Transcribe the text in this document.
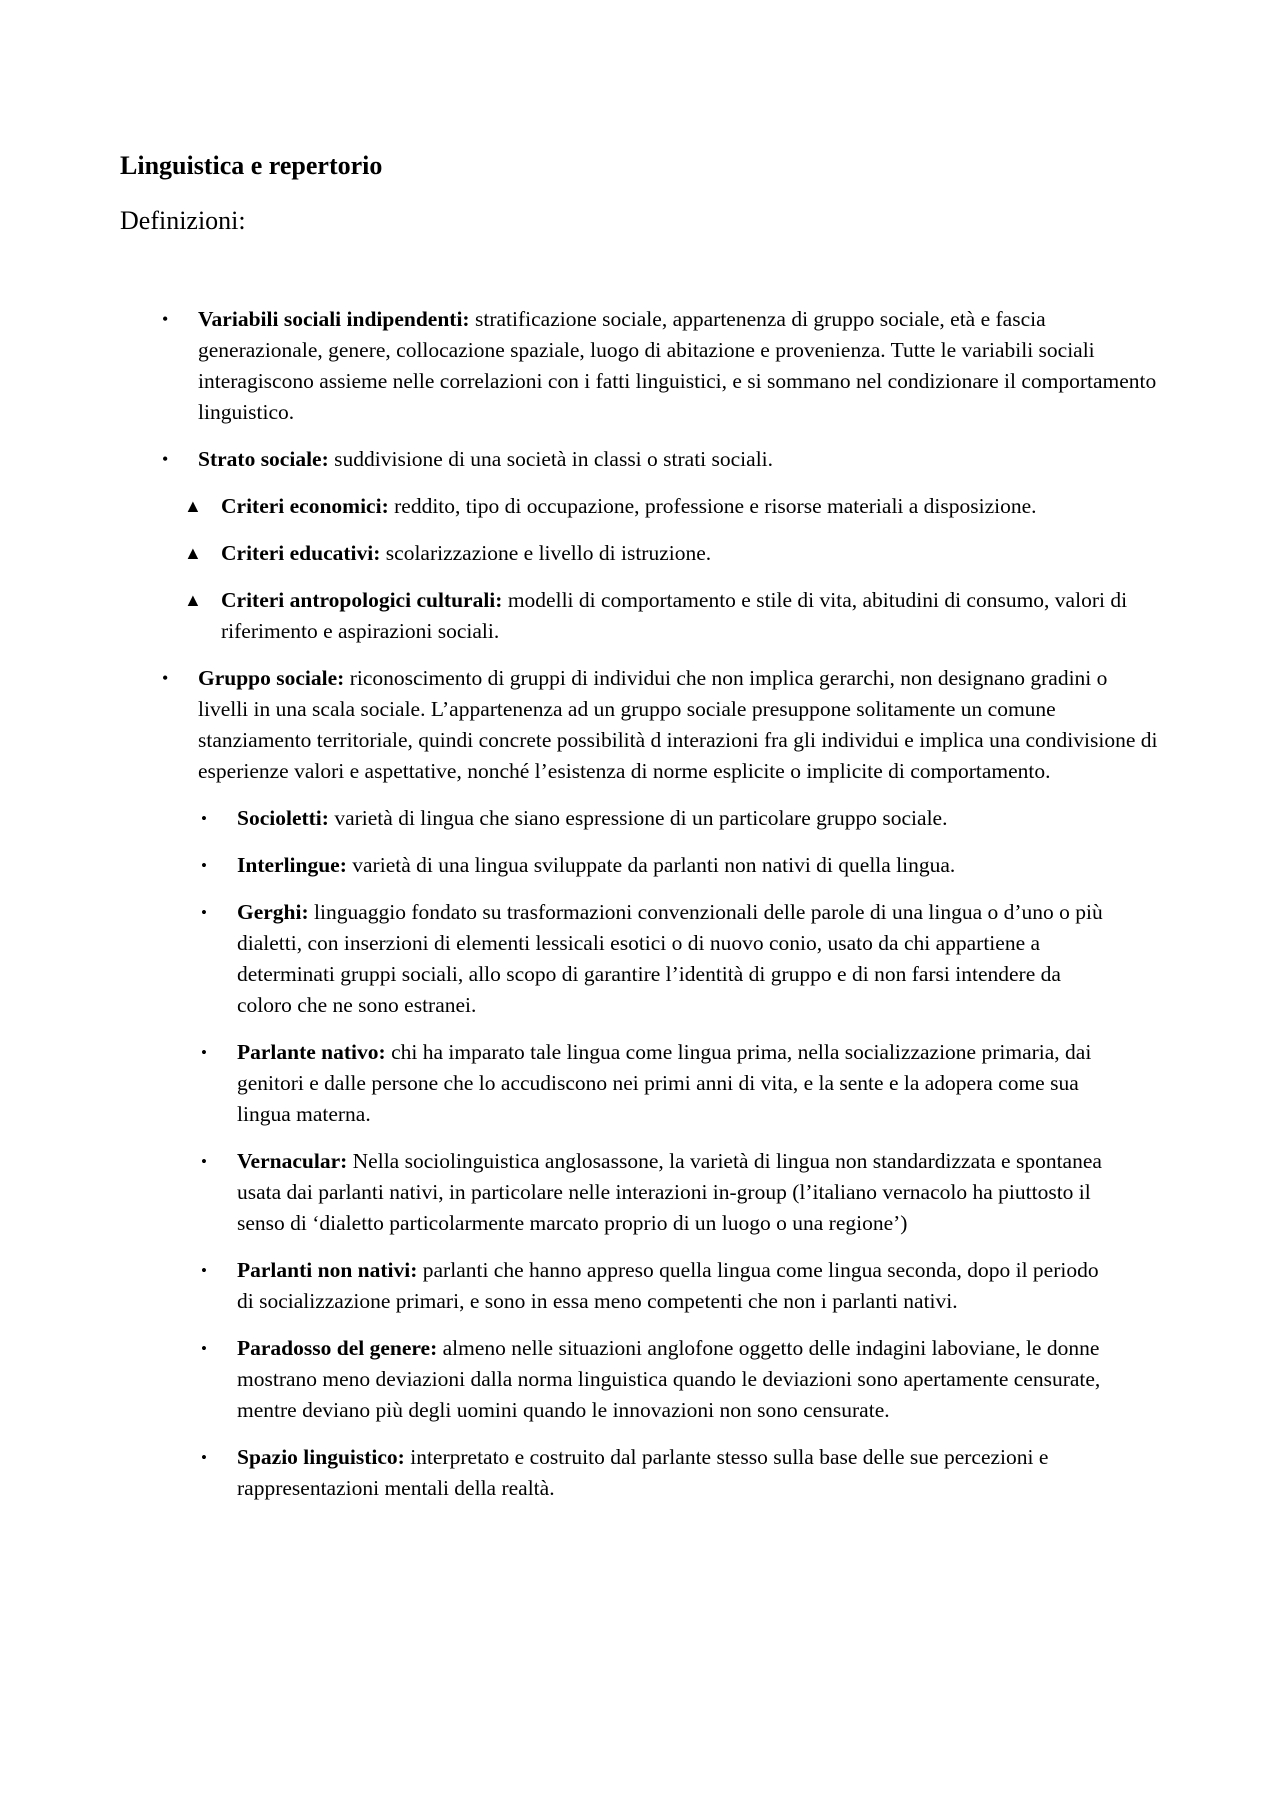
Linguistica e repertorio

Definizioni:

• Variabili sociali indipendenti: stratificazione sociale, appartenenza di gruppo sociale, età e fascia generazionale, genere, collocazione spaziale, luogo di abitazione e provenienza. Tutte le variabili sociali interagiscono assieme nelle correlazioni con i fatti linguistici, e si sommano nel condizionare il comportamento linguistico.
• Strato sociale: suddivisione di una società in classi o strati sociali.
▲ Criteri economici: reddito, tipo di occupazione, professione e risorse materiali a disposizione.
▲ Criteri educativi: scolarizzazione e livello di istruzione.
▲ Criteri antropologici culturali: modelli di comportamento e stile di vita, abitudini di consumo, valori di riferimento e aspirazioni sociali.
• Gruppo sociale: riconoscimento di gruppi di individui che non implica gerarchi, non designano gradini o livelli in una scala sociale. L’appartenenza ad un gruppo sociale presuppone solitamente un comune stanziamento territoriale, quindi concrete possibilità d interazioni fra gli individui e implica una condivisione di esperienze valori e aspettative, nonché l’esistenza di norme esplicite o implicite di comportamento.
• Socioletti: varietà di lingua che siano espressione di un particolare gruppo sociale.
• Interlingue: varietà di una lingua sviluppate da parlanti non nativi di quella lingua.
• Gerghi: linguaggio fondato su trasformazioni convenzionali delle parole di una lingua o d’uno o più dialetti, con inserzioni di elementi lessicali esotici o di nuovo conio, usato da chi appartiene a determinati gruppi sociali, allo scopo di garantire l’identità di gruppo e di non farsi intendere da coloro che ne sono estranei.
• Parlante nativo: chi ha imparato tale lingua come lingua prima, nella socializzazione primaria, dai genitori e dalle persone che lo accudiscono nei primi anni di vita, e la sente e la adopera come sua lingua materna.
• Vernacular: Nella sociolinguistica anglosassone, la varietà di lingua non standardizzata e spontanea usata dai parlanti nativi, in particolare nelle interazioni in-group (l’italiano vernacolo ha piuttosto il senso di ‘dialetto particolarmente marcato proprio di un luogo o una regione’)
• Parlanti non nativi: parlanti che hanno appreso quella lingua come lingua seconda, dopo il periodo di socializzazione primari, e sono in essa meno competenti che non i parlanti nativi.
• Paradosso del genere: almeno nelle situazioni anglofone oggetto delle indagini laboviane, le donne mostrano meno deviazioni dalla norma linguistica quando le deviazioni sono apertamente censurate, mentre deviano più degli uomini quando le innovazioni non sono censurate.
• Spazio linguistico: interpretato e costruito dal parlante stesso sulla base delle sue percezioni e rappresentazioni mentali della realtà.
